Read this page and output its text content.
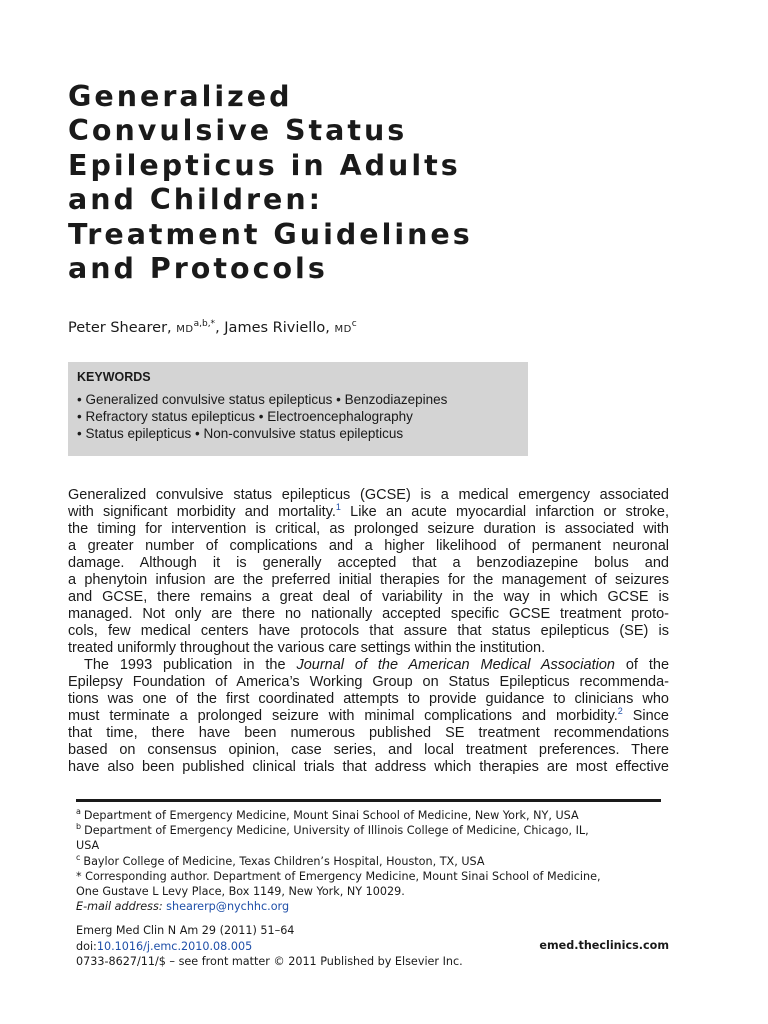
Generalized
Convulsive Status
Epilepticus in Adults
and Children:
Treatment Guidelines
and Protocols
Peter Shearer, $MD^{a,b,*}$, James Riviello, $MD^c$
KEYWORDS
• Generalized convulsive status epilepticus • Benzodiazepines
• Refractory status epilepticus • Electroencephalography
• Status epilepticus • Non-convulsive status epilepticus
Generalized convulsive status epilepticus (GCSE) is a medical emergency associated
with significant morbidity and mortality.$^1$ Like an acute myocardial infarction or stroke,
the timing for intervention is critical, as prolonged seizure duration is associated with
a greater number of complications and a higher likelihood of permanent neuronal
damage. Although it is generally accepted that a benzodiazepine bolus and
a phenytoin infusion are the preferred initial therapies for the management of seizures
and GCSE, there remains a great deal of variability in the way in which GCSE is
managed. Not only are there no nationally accepted specific GCSE treatment proto-
cols, few medical centers have protocols that assure that status epilepticus (SE) is
treated uniformly throughout the various care settings within the institution.
The 1993 publication in the Journal of the American Medical Association of the
Epilepsy Foundation of America’s Working Group on Status Epilepticus recommenda-
tions was one of the first coordinated attempts to provide guidance to clinicians who
must terminate a prolonged seizure with minimal complications and morbidity.$^2$ Since
that time, there have been numerous published SE treatment recommendations
based on consensus opinion, case series, and local treatment preferences. There
have also been published clinical trials that address which therapies are most effective
$^a$ Department of Emergency Medicine, Mount Sinai School of Medicine, New York, NY, USA
$^b$ Department of Emergency Medicine, University of Illinois College of Medicine, Chicago, IL,
USA
$^c$ Baylor College of Medicine, Texas Children’s Hospital, Houston, TX, USA
* Corresponding author. Department of Emergency Medicine, Mount Sinai School of Medicine,
One Gustave L Levy Place, Box 1149, New York, NY 10029.
E-mail address: shearerp@nychhc.org
Emerg Med Clin N Am 29 (2011) 51–64
doi:10.1016/j.emc.2010.08.005
0733-8627/11/$ – see front matter © 2011 Published by Elsevier Inc.
emed.theclinics.com
